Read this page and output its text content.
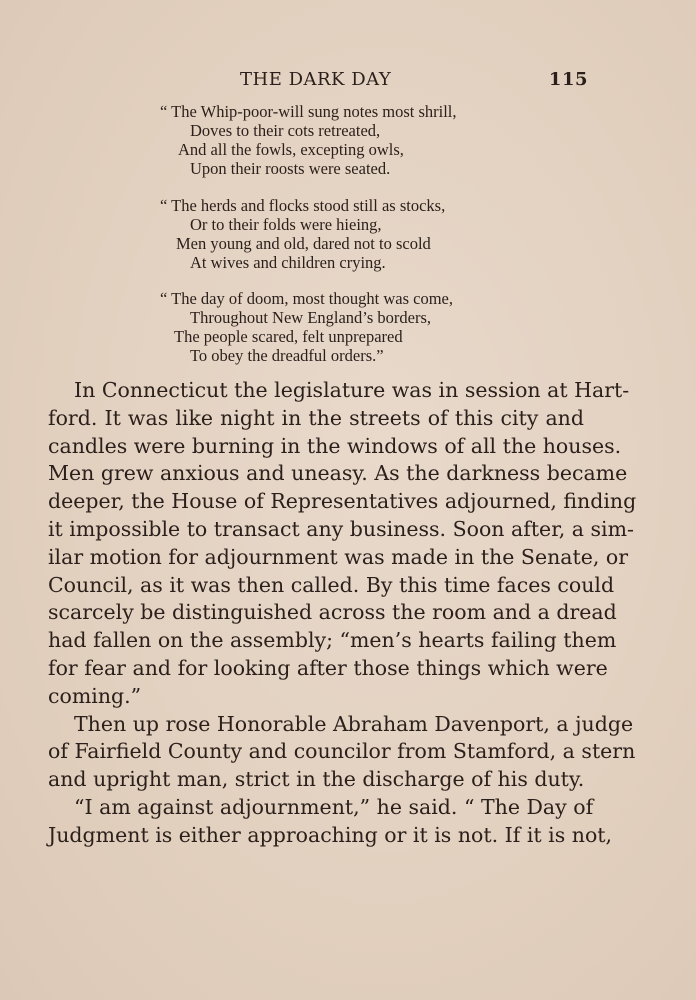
THE DARK DAY	115
“ The Whip-poor-will sung notes most shrill,
Doves to their cots retreated,
And all the fowls, excepting owls,
Upon their roosts were seated.
“ The herds and flocks stood still as stocks,
Or to their folds were hieing,
Men young and old, dared not to scold
At wives and children crying.
“ The day of doom, most thought was come,
Throughout New England’s borders,
The people scared, felt unprepared
To obey the dreadful orders.”
In Connecticut the legislature was in session at Hart-
ford. It was like night in the streets of this city and
candles were burning in the windows of all the houses.
Men grew anxious and uneasy. As the darkness became
deeper, the House of Representatives adjourned, finding
it impossible to transact any business. Soon after, a sim-
ilar motion for adjournment was made in the Senate, or
Council, as it was then called. By this time faces could
scarcely be distinguished across the room and a dread
had fallen on the assembly; “men’s hearts failing them
for fear and for looking after those things which were
coming.”
Then up rose Honorable Abraham Davenport, a judge
of Fairfield County and councilor from Stamford, a stern
and upright man, strict in the discharge of his duty.
“I am against adjournment,” he said. “ The Day of
Judgment is either approaching or it is not. If it is not,
